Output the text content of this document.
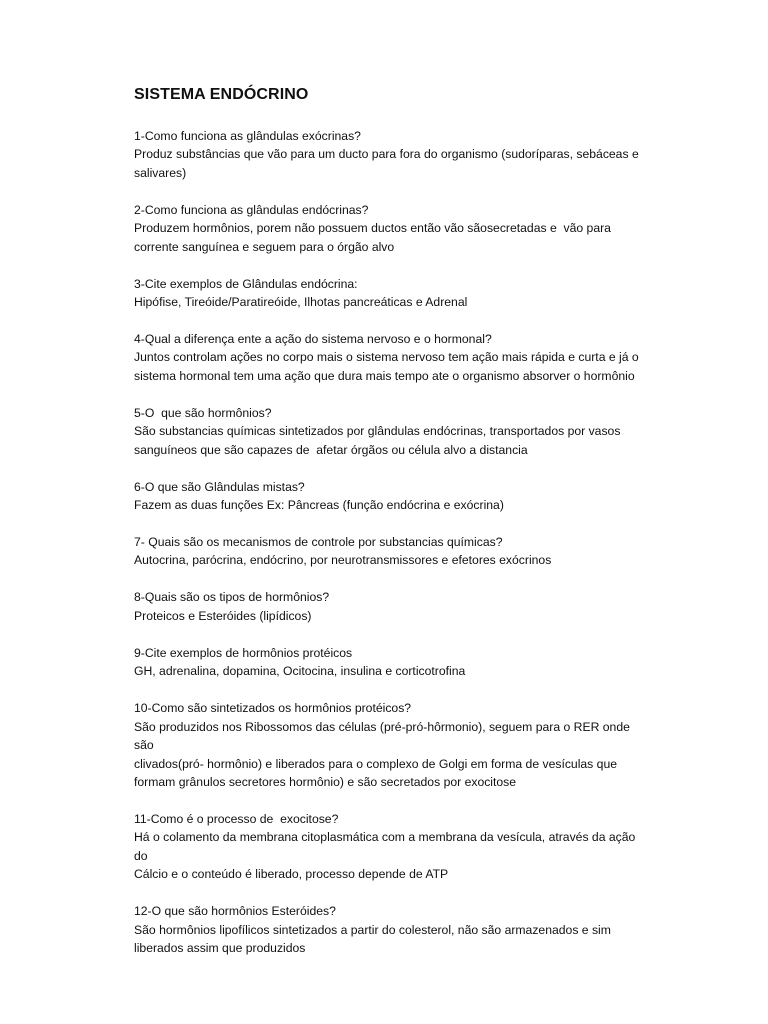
SISTEMA ENDÓCRINO
1-Como funciona as glândulas exócrinas?
Produz substâncias que vão para um ducto para fora do organismo (sudoríparas, sebáceas e
salivares)
2-Como funciona as glândulas endócrinas?
Produzem hormônios, porem não possuem ductos então vão sãosecretadas e  vão para
corrente sanguínea e seguem para o órgão alvo
3-Cite exemplos de Glândulas endócrina:
Hipófise, Tireóide/Paratireóide, Ilhotas pancreáticas e Adrenal
4-Qual a diferença ente a ação do sistema nervoso e o hormonal?
Juntos controlam ações no corpo mais o sistema nervoso tem ação mais rápida e curta e já o
sistema hormonal tem uma ação que dura mais tempo ate o organismo absorver o hormônio
5-O  que são hormônios?
São substancias químicas sintetizados por glândulas endócrinas, transportados por vasos
sanguíneos que são capazes de  afetar órgãos ou célula alvo a distancia
6-O que são Glândulas mistas?
Fazem as duas funções Ex: Pâncreas (função endócrina e exócrina)
7- Quais são os mecanismos de controle por substancias químicas?
Autocrina, parócrina, endócrino, por neurotransmissores e efetores exócrinos
8-Quais são os tipos de hormônios?
Proteicos e Esteróides (lipídicos)
9-Cite exemplos de hormônios protéicos
GH, adrenalina, dopamina, Ocitocina, insulina e corticotrofina
10-Como são sintetizados os hormônios protéicos?
São produzidos nos Ribossomos das células (pré-pró-hôrmonio), seguem para o RER onde são
clivados(pró- hormônio) e liberados para o complexo de Golgi em forma de vesículas que
formam grânulos secretores hormônio) e são secretados por exocitose
11-Como é o processo de  exocitose?
Há o colamento da membrana citoplasmática com a membrana da vesícula, através da ação do
Cálcio e o conteúdo é liberado, processo depende de ATP
12-O que são hormônios Esteróides?
São hormônios lipofílicos sintetizados a partir do colesterol, não são armazenados e sim
liberados assim que produzidos
